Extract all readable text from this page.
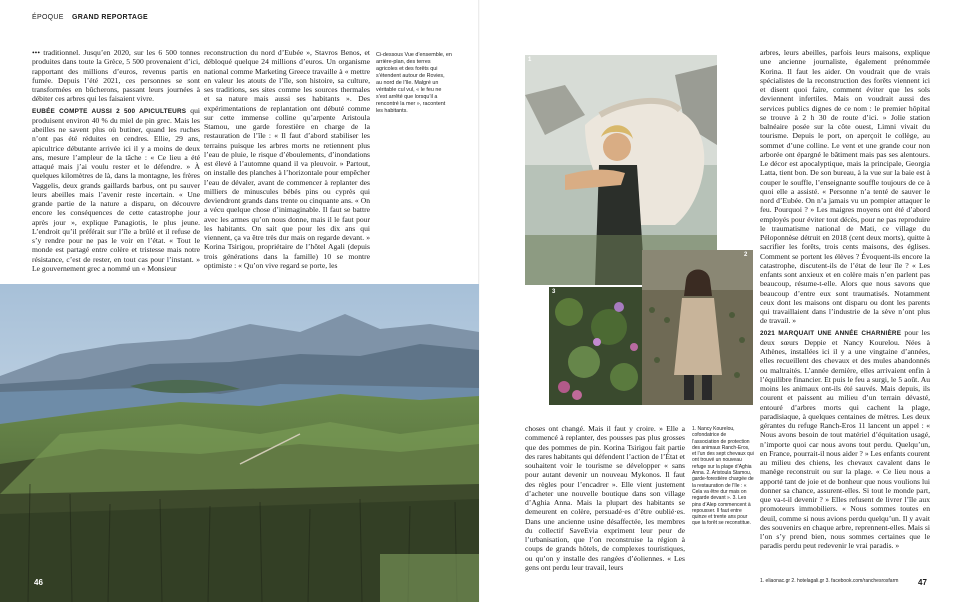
ÉPOQUE GRAND REPORTAGE

••• traditionnel. Jusqu’en 2020, sur les 6 500 tonnes produites dans toute la Grèce, 5 500 provenaient d’ici, rapportant des millions d’euros, revenus partis en fumée. Depuis l’été 2021, ces personnes se sont transformées en bûcherons, passant leurs journées à débiter ces arbres qui les faisaient vivre.

EUBÉE COMPTE AUSSI 2 500 APICULTEURS qui produisent environ 40 % du miel de pin grec. Mais les abeilles ne savent plus où butiner, quand les ruches n’ont pas été réduites en cendres. Ellie, 29 ans, apicultrice débutante arrivée ici il y a moins de deux ans, mesure l’ampleur de la tâche : « Ce lieu a été attaqué mais j’ai voulu rester et le défendre. » À quelques kilomètres de là, dans la montagne, les frères Vaggelis, deux grands gaillards barbus, ont pu sauver leurs abeilles mais l’avenir reste incertain. « Une grande partie de la nature a disparu, on découvre encore les conséquences de cette catastrophe jour après jour », explique Panagiotis, le plus jeune. L’endroit qu’il préférait sur l’île a brûlé et il refuse de s’y rendre pour ne pas le voir en l’état. « Tout le monde est partagé entre colère et tristesse mais notre résistance, c’est de rester, en tout cas pour l’instant. » Le gouvernement grec a nommé un « Monsieur

reconstruction du nord d’Eubée », Stavros Benos, et débloqué quelque 24 millions d’euros. Un organisme national comme Marketing Greece travaille à « mettre en valeur les atouts de l’île, son histoire, sa culture, ses traditions, ses sites comme les sources thermales et sa nature mais aussi ses habitants ». Des expérimentations de replantation ont débuté comme sur cette immense colline qu’arpente Aristoula Stamou, une garde forestière en charge de la restauration de l’île : « Il faut d’abord stabiliser les terrains puisque les arbres morts ne retiennent plus l’eau de pluie, le risque d’éboulements, d’inondations est élevé à l’automne quand il va pleuvoir. » Partout, on installe des planches à l’horizontale pour empêcher l’eau de dévaler, avant de commencer à replanter des milliers de minuscules bébés pins ou cyprès qui deviendront grands dans trente ou cinquante ans. « On a vécu quelque chose d’inimaginable. Il faut se battre avec les armes qu’on nous donne, mais il le faut pour les habitants. On sait que pour les dix ans qui viennent, ça va être très dur mais on regarde devant. » Korina Tsirigou, propriétaire de l’hôtel Agali (depuis trois générations dans la famille) 10 se montre optimiste : « Qu’on vive regard se porte, les

Ci-dessous Vue d’ensemble, en arrière-plan, des terres agricoles et des forêts qui s’étendent autour de Rovies, au nord de l’île. Malgré un véritable cul vul, « le feu ne s’est arrêté que lorsqu’il a rencontré la mer », racontent les habitants.
46
1
3
2

choses ont changé. Mais il faut y croire. » Elle a commencé à replanter, des pousses pas plus grosses que des pommes de pin. Korina Tsirigou fait partie des rares habitants qui défendent l’action de l’État et souhaitent voir le tourisme se développer « sans pour autant devenir un nouveau Mykonos. Il faut des règles pour l’encadrer ». Elle vient justement d’acheter une nouvelle boutique dans son village d’Aghia Anna. Mais la plupart des habitants se demeurent en colère, persuadé·es d’être oublié·es. Dans une ancienne usine désaffectée, les membres du collectif SaveEvia expriment leur peur de l’urbanisation, que l’on reconstruise la région à coups de grands hôtels, de complexes touristiques, ou qu’on y installe des rangées d’éoliennes. « Les gens ont perdu leur travail, leurs

1. Nancy Kourelou, cofondatrice de l’association de protection des animaux Ranch-Eros, et l’un des sept chevaux qui ont trouvé un nouveau refuge sur la plage d’Aghia Anna. 2. Aristoula Stamou, garde-forestière chargée de la restauration de l’île : « Cela va être dur mais on regarde devant ». 3. Les pins d’Alep commencent à repousser. Il faut entre quinze et trente ans pour que la forêt se reconstitue.

arbres, leurs abeilles, parfois leurs maisons, explique une ancienne journaliste, également prénommée Korina. Il faut les aider. On voudrait que de vrais spécialistes de la reconstruction des forêts viennent ici et disent quoi faire, comment éviter que les sols deviennent infertiles. Mais on voudrait aussi des services publics dignes de ce nom : le premier hôpital se trouve à 2 h 30 de route d’ici. » Jolie station balnéaire posée sur la côte ouest, Limni vivait du tourisme. Depuis le port, on aperçoit le collège, au sommet d’une colline. Le vent et une grande cour non arborée ont épargné le bâtiment mais pas ses alentours. Le décor est apocalyptique, mais la principale, Georgia Latta, tient bon. De son bureau, à la vue sur la baie est à couper le souffle, l’enseignante souffle toujours de ce à quoi elle a assisté. « Personne n’a tenté de sauver le nord d’Eubée. On n’a jamais vu un pompier attaquer le feu. Pourquoi ? » Les maigres moyens ont été d’abord employés pour éviter tout décès, pour ne pas reproduire le traumatisme national de Mati, ce village du Péloponnèse détruit en 2018 (cent deux morts), quitte à sacrifier les forêts, trois cents maisons, des églises. Comment se portent les élèves ? Évoquent-ils encore la catastrophe, discutent-ils de l’état de leur île ? « Les enfants sont anxieux et en colère mais n’en parlent pas beaucoup, résume-t-elle. Alors que nous savons que beaucoup d’entre eux sont traumatisés. Notamment ceux dont les maisons ont disparu ou dont les parents qui travaillaient dans l’industrie de la sève n’ont plus de travail. »

2021 MARQUAIT UNE ANNÉE CHARNIÈRE pour les deux sœurs Deppie et Nancy Kourelou. Nées à Athènes, installées ici il y a une vingtaine d’années, elles recueillent des chevaux et des mules abandonnés ou maltraités. L’année dernière, elles arrivaient enfin à l’équilibre financier. Et puis le feu a surgi, le 5 août. Au moins les animaux ont-ils été sauvés. Mais depuis, ils courent et paissent au milieu d’un terrain dévasté, entouré d’arbres morts qui cachent la plage, paradisiaque, à quelques centaines de mètres. Les deux gérantes du refuge Ranch-Eros 11 lancent un appel : « Nous avons besoin de tout matériel d’équitation usagé, n’importe quoi car nous avons tout perdu. Quelqu’un, en France, pourrait-il nous aider ? » Les enfants courent au milieu des chiens, les chevaux cavalent dans le manège reconstruit ou sur la plage. « Ce lieu nous a apporté tant de joie et de bonheur que nous voulions lui donner sa chance, assurent-elles. Si tout le monde part, que va-t-il devenir ? » Elles refusent de livrer l’île aux promoteurs immobiliers. « Nous sommes toutes en deuil, comme si nous avions perdu quelqu’un. Il y avait des souvenirs en chaque arbre, reprennent-elles. Mais si l’on s’y prend bien, nous sommes certaines que le paradis perdu peut redevenir le vrai paradis. »

1. eliaonac.gr 2. hotelagali.gr 3. facebook.com/ranchesrosfarm	47
